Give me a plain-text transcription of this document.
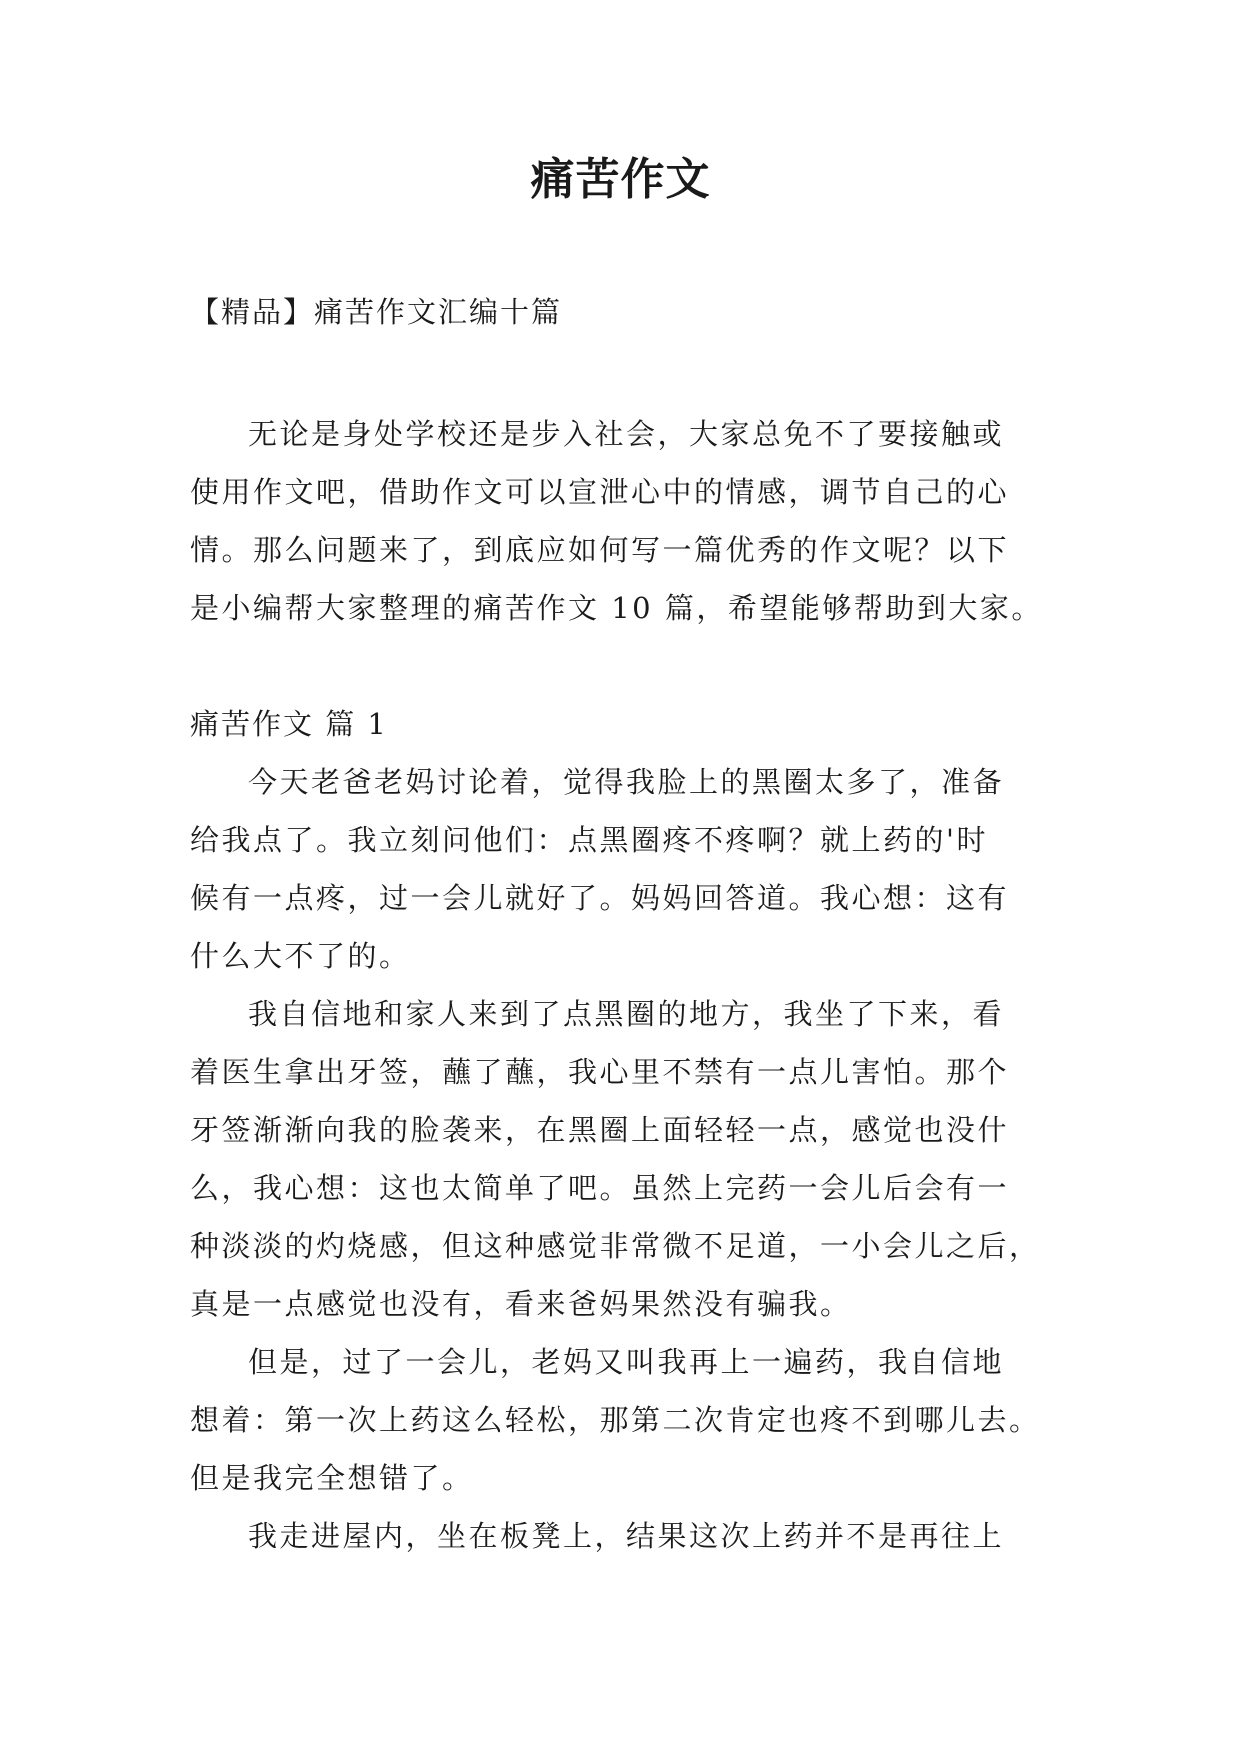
痛苦作文

【精品】痛苦作文汇编十篇

无论是身处学校还是步入社会，大家总免不了要接触或
使用作文吧，借助作文可以宣泄心中的情感，调节自己的心
情。那么问题来了，到底应如何写一篇优秀的作文呢？以下
是小编帮大家整理的痛苦作文 10 篇，希望能够帮助到大家。

痛苦作文 篇 1

今天老爸老妈讨论着，觉得我脸上的黑圈太多了，准备
给我点了。我立刻问他们：点黑圈疼不疼啊？就上药的'时
候有一点疼，过一会儿就好了。妈妈回答道。我心想：这有
什么大不了的。

我自信地和家人来到了点黑圈的地方，我坐了下来，看
着医生拿出牙签，蘸了蘸，我心里不禁有一点儿害怕。那个
牙签渐渐向我的脸袭来，在黑圈上面轻轻一点，感觉也没什
么，我心想：这也太简单了吧。虽然上完药一会儿后会有一
种淡淡的灼烧感，但这种感觉非常微不足道，一小会儿之后，
真是一点感觉也没有，看来爸妈果然没有骗我。

但是，过了一会儿，老妈又叫我再上一遍药，我自信地
想着：第一次上药这么轻松，那第二次肯定也疼不到哪儿去。
但是我完全想错了。

我走进屋内，坐在板凳上，结果这次上药并不是再往上
